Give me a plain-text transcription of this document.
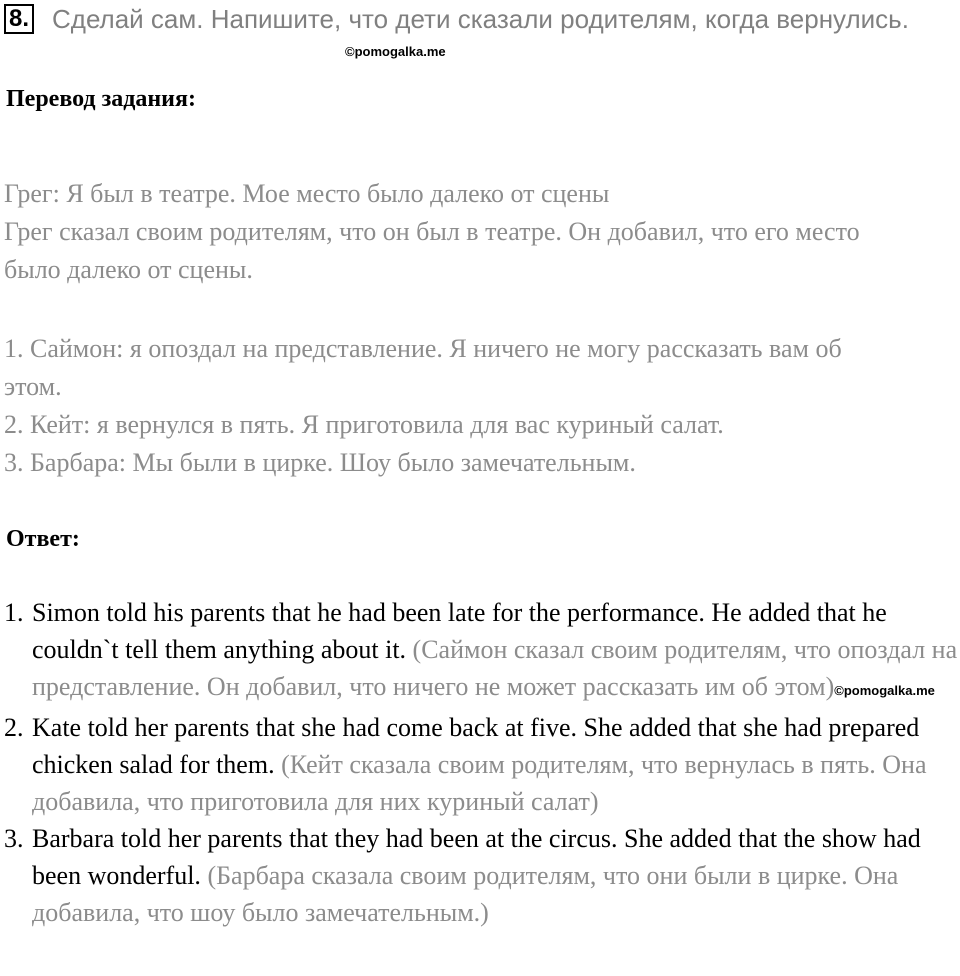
8. Сделай сам. Напишите, что дети сказали родителям, когда вернулись.
©pomogalka.me
Перевод задания:
Грег: Я был в театре. Мое место было далеко от сцены
Грег сказал своим родителям, что он был в театре. Он добавил, что его место
было далеко от сцены.
1. Саймон: я опоздал на представление. Я ничего не могу рассказать вам об
этом.
2. Кейт: я вернулся в пять. Я приготовила для вас куриный салат.
3. Барбара: Мы были в цирке. Шоу было замечательным.
Ответ:
1. Simon told his parents that he had been late for the performance. He added that he couldn`t tell them anything about it. (Саймон сказал своим родителям, что опоздал на представление. Он добавил, что ничего не может рассказать им об этом)©pomogalka.me
2. Kate told her parents that she had come back at five. She added that she had prepared chicken salad for them. (Кейт сказала своим родителям, что вернулась в пять. Она добавила, что приготовила для них куриный салат)
3. Barbara told her parents that they had been at the circus. She added that the show had been wonderful. (Барбара сказала своим родителям, что они были в цирке. Она добавила, что шоу было замечательным.)
